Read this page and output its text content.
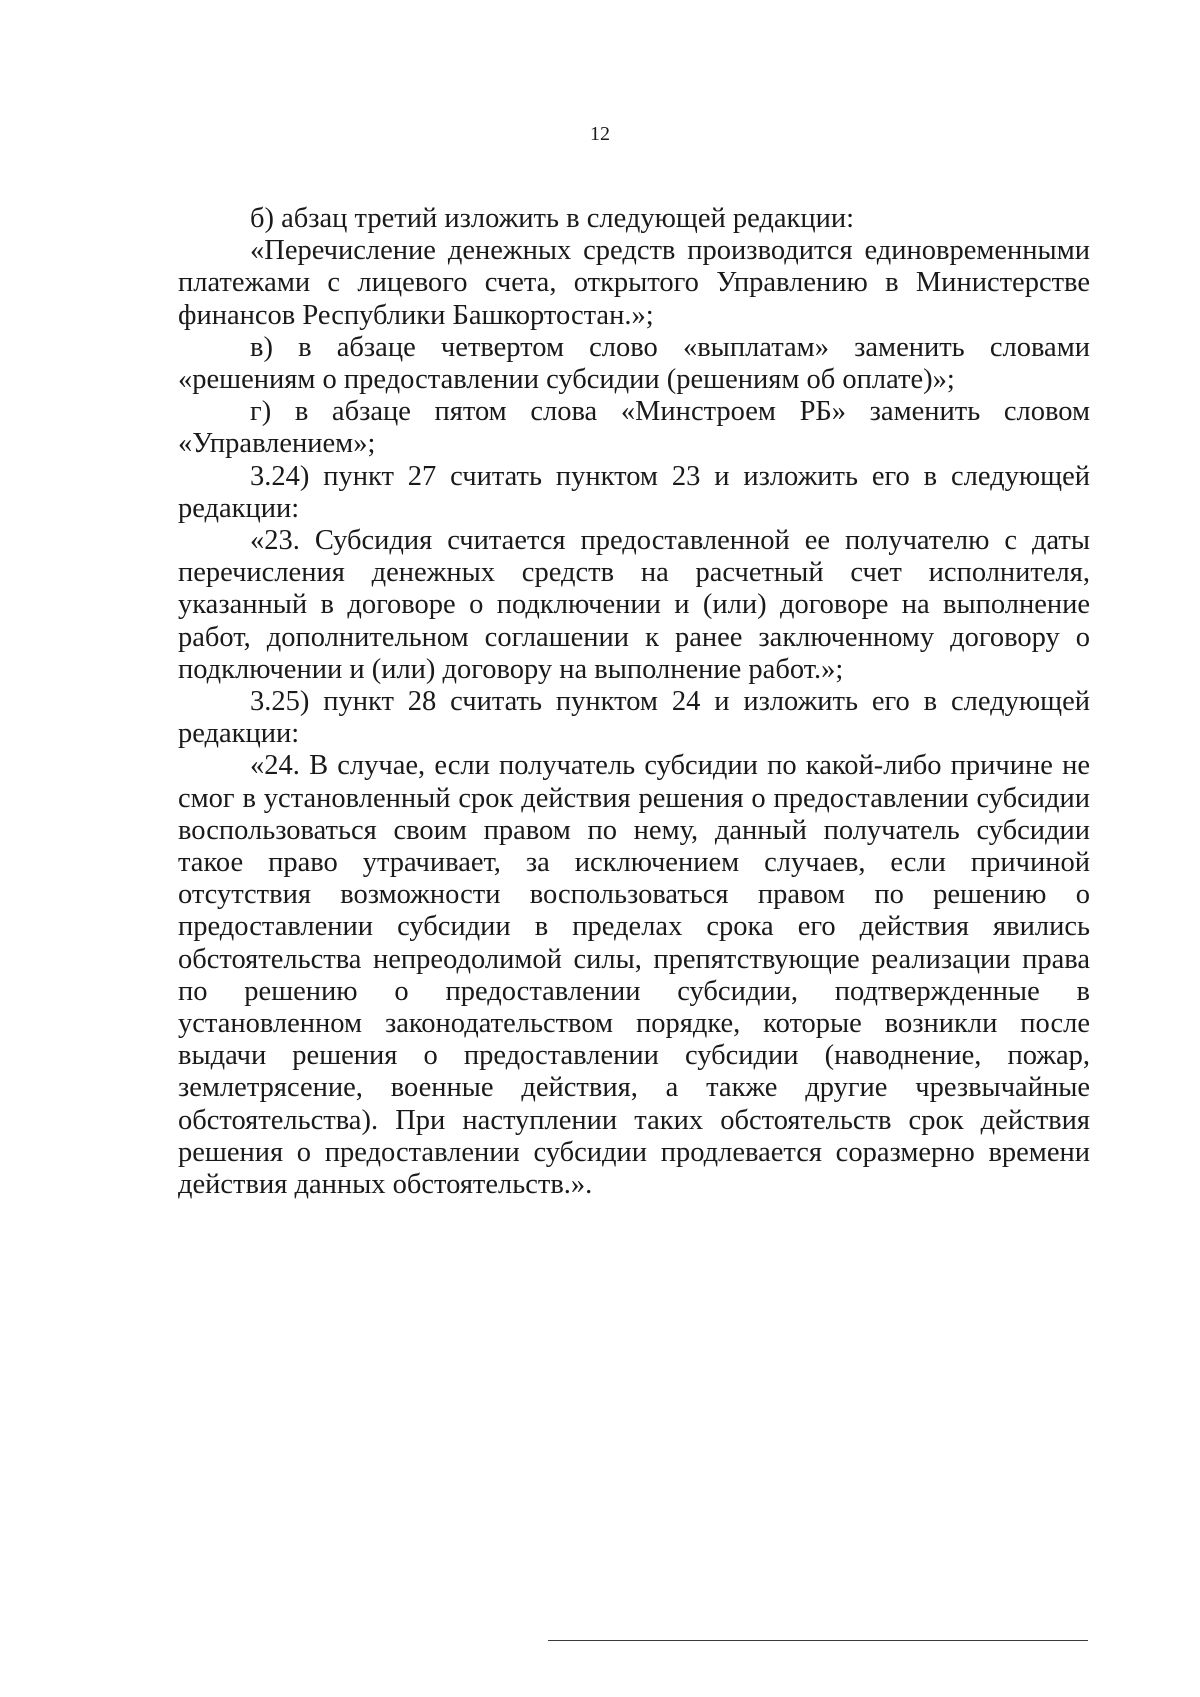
12

б) абзац третий изложить в следующей редакции:

«Перечисление денежных средств производится единовременными платежами с лицевого счета, открытого Управлению в Министерстве финансов Республики Башкортостан.»;

в) в абзаце четвертом слово «выплатам» заменить словами «решениям о предоставлении субсидии (решениям об оплате)»;

г) в абзаце пятом слова «Минстроем РБ» заменить словом «Управлением»;

3.24) пункт 27 считать пунктом 23 и изложить его в следующей редакции:

«23. Субсидия считается предоставленной ее получателю с даты перечисления денежных средств на расчетный счет исполнителя, указанный в договоре о подключении и (или) договоре на выполнение работ, дополнительном соглашении к ранее заключенному договору о подключении и (или) договору на выполнение работ.»;

3.25) пункт 28 считать пунктом 24 и изложить его в следующей редакции:

«24. В случае, если получатель субсидии по какой-либо причине не смог в установленный срок действия решения о предоставлении субсидии воспользоваться своим правом по нему, данный получатель субсидии такое право утрачивает, за исключением случаев, если причиной отсутствия возможности воспользоваться правом по решению о предоставлении субсидии в пределах срока его действия явились обстоятельства непреодолимой силы, препятствующие реализации права по решению о предоставлении субсидии, подтвержденные в установленном законодательством порядке, которые возникли после выдачи решения о предоставлении субсидии (наводнение, пожар, землетрясение, военные действия, а также другие чрезвычайные обстоятельства). При наступлении таких обстоятельств срок действия решения о предоставлении субсидии продлевается соразмерно времени действия данных обстоятельств.».
